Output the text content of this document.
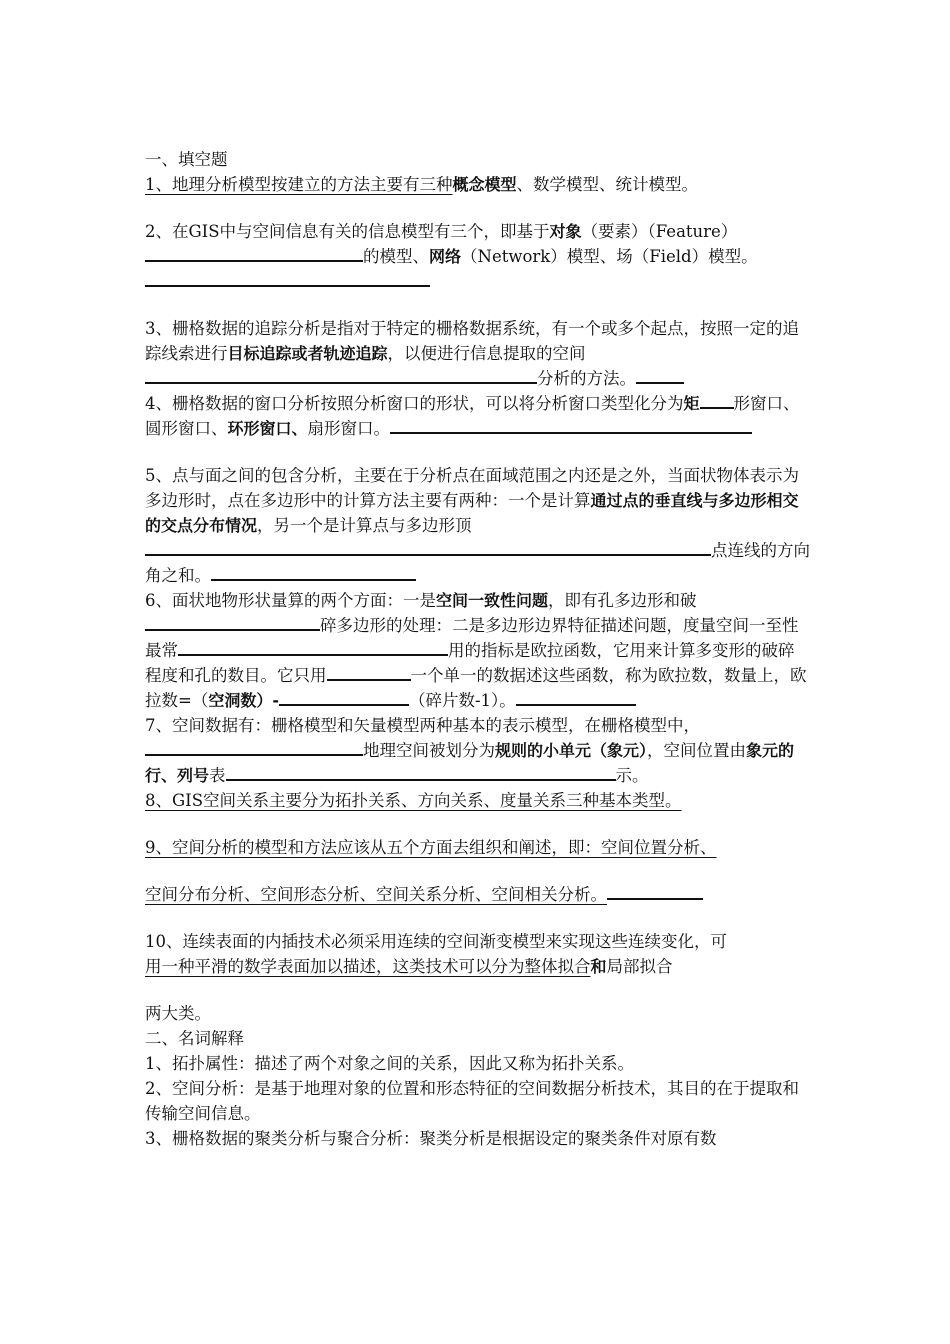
一、填空题

1、地理分析模型按建立的方法主要有三种概念模型、数学模型、统计模型。

2、在GIS中与空间信息有关的信息模型有三个，即基于对象（要素）（Feature）的模型、网络（Network）模型、场（Field）模型。

3、栅格数据的追踪分析是指对于特定的栅格数据系统，有一个或多个起点，按照一定的追踪线索进行目标追踪或者轨迹追踪，以便进行信息提取的空间分析的方法。

4、栅格数据的窗口分析按照分析窗口的形状，可以将分析窗口类型化分为矩 形窗口、圆形窗口、环形窗口、扇形窗口。

5、点与面之间的包含分析，主要在于分析点在面域范围之内还是之外，当面状物体表示为多边形时，点在多边形中的计算方法主要有两种：一个是计算通过点的垂直线与多边形相交的交点分布情况，另一个是计算点与多边形顶点连线的方向角之和。

6、面状地物形状量算的两个方面：一是空间一致性问题，即有孔多边形和破碎多边形的处理：二是多边形边界特征描述问题，度量空间一至性最常	用的指标是欧拉函数，它用来计算多变形的破碎程度和孔的数目。它只用	一个单一的数据述这些函数，称为欧拉数，数量上，欧拉数=（空洞数）-	（碎片数-1）。

7、空间数据有：栅格模型和矢量模型两种基本的表示模型，在栅格模型中，地理空间被划分为规则的小单元（象元），空间位置由象元的行、列号表	示。

8、GIS空间关系主要分为拓扑关系、方向关系、度量关系三种基本类型。

9、空间分析的模型和方法应该从五个方面去组织和阐述，即：空间位置分析、

空间分布分析、空间形态分析、空间关系分析、空间相关分析。

10、连续表面的内插技术必须采用连续的空间渐变模型来实现这些连续变化，可

用一种平滑的数学表面加以描述，这类技术可以分为整体拟合和局部拟合

两大类。

二、名词解释

1、拓扑属性：描述了两个对象之间的关系，因此又称为拓扑关系。

2、空间分析：是基于地理对象的位置和形态特征的空间数据分析技术，其目的在于提取和传输空间信息。

3、栅格数据的聚类分析与聚合分析：聚类分析是根据设定的聚类条件对原有数
